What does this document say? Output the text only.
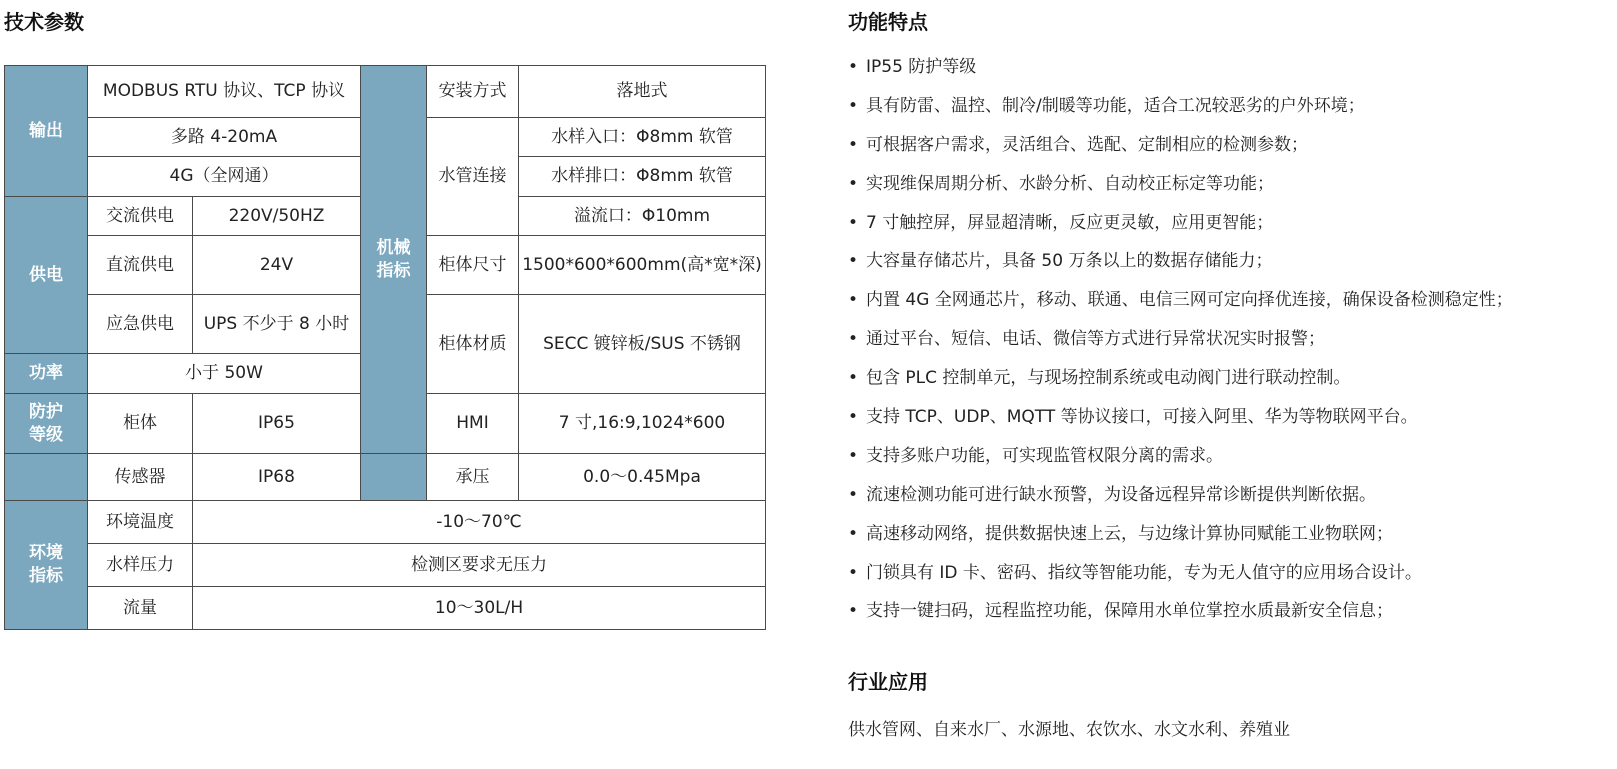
技术参数
输出	MODBUS RTU 协议、TCP 协议		机械指标	安装方式	落地式
	多路 4-20mA			水管连接	水样入口：Φ8mm 软管
	4G（全网通）				水样排口：Φ8mm 软管
供电	交流供电	220V/50HZ			溢流口：Φ10mm
	直流供电	24V		柜体尺寸	1500*600*600mm(高*宽*深)
	应急供电	UPS 不少于 8 小时		柜体材质	SECC 镀锌板/SUS 不锈钢
功率	小于 50W				
防护等级	柜体	IP65		HMI	7 寸,16:9,1024*600
	传感器	IP68		承压	0.0～0.45Mpa
环境指标	环境温度	-10～70℃			
	水样压力	检测区要求无压力			
	流量	10～30L/H			
功能特点
• IP55 防护等级
• 具有防雷、温控、制冷/制暖等功能，适合工况较恶劣的户外环境；
• 可根据客户需求，灵活组合、选配、定制相应的检测参数；
• 实现维保周期分析、水龄分析、自动校正标定等功能；
• 7 寸触控屏，屏显超清晰，反应更灵敏，应用更智能；
• 大容量存储芯片，具备 50 万条以上的数据存储能力；
• 内置 4G 全网通芯片，移动、联通、电信三网可定向择优连接，确保设备检测稳定性；
• 通过平台、短信、电话、微信等方式进行异常状况实时报警；
• 包含 PLC 控制单元，与现场控制系统或电动阀门进行联动控制。
• 支持 TCP、UDP、MQTT 等协议接口，可接入阿里、华为等物联网平台。
• 支持多账户功能，可实现监管权限分离的需求。
• 流速检测功能可进行缺水预警，为设备远程异常诊断提供判断依据。
• 高速移动网络，提供数据快速上云，与边缘计算协同赋能工业物联网；
• 门锁具有 ID 卡、密码、指纹等智能功能，专为无人值守的应用场合设计。
• 支持一键扫码，远程监控功能，保障用水单位掌控水质最新安全信息；
行业应用
供水管网、自来水厂、水源地、农饮水、水文水利、养殖业
